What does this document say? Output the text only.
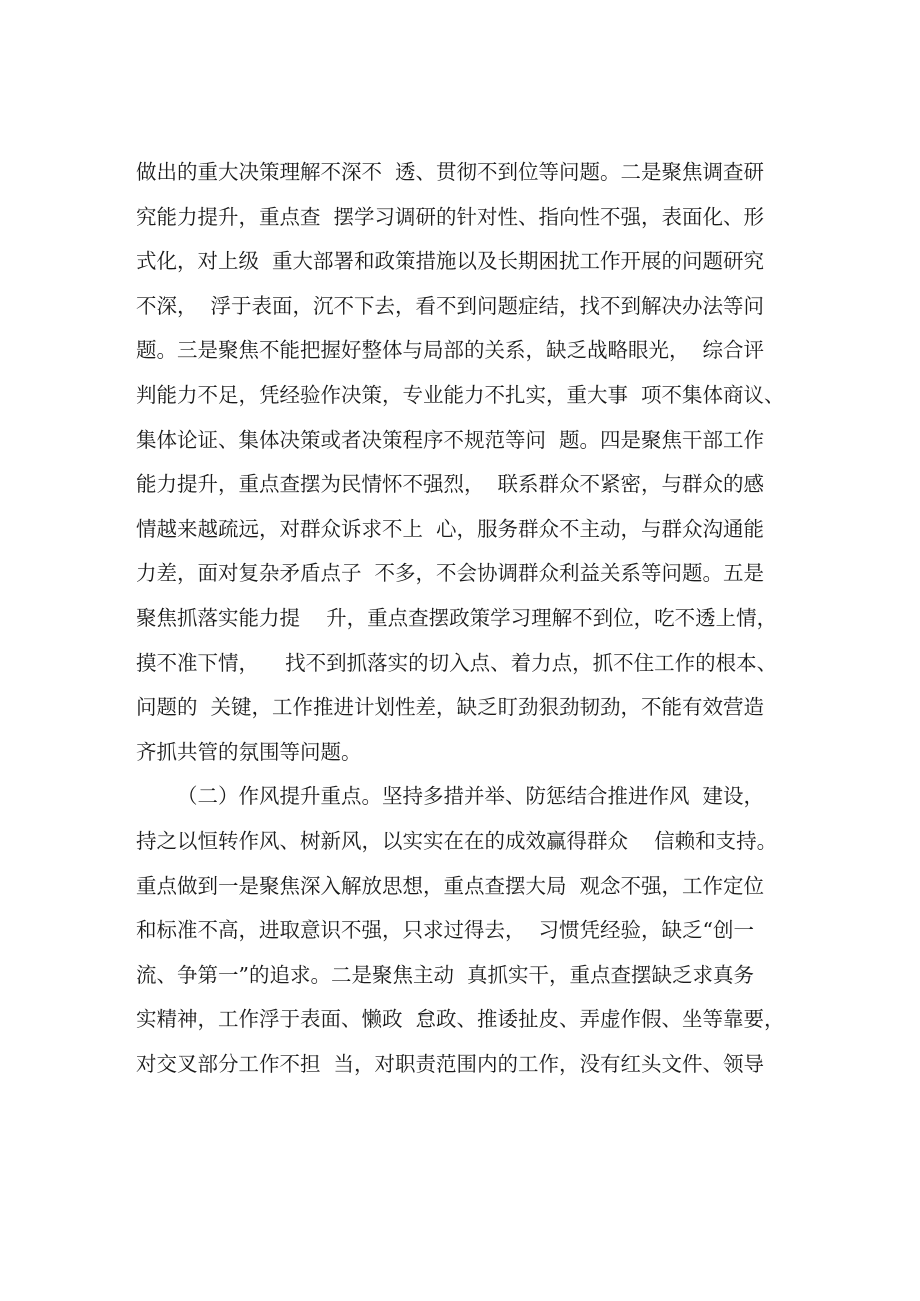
做出的重大决策理解不深不  透、贯彻不到位等问题。二是聚焦调查研
究能力提升，重点查  摆学习调研的针对性、指向性不强，表面化、形
式化，对上级  重大部署和政策措施以及长期困扰工作开展的问题研究
不深，  浮于表面，沉不下去，看不到问题症结，找不到解决办法等问
题。三是聚焦不能把握好整体与局部的关系，缺乏战略眼光，  综合评
判能力不足，凭经验作决策，专业能力不扎实，重大事  项不集体商议、
集体论证、集体决策或者决策程序不规范等问  题。四是聚焦干部工作
能力提升，重点查摆为民情怀不强烈，  联系群众不紧密，与群众的感
情越来越疏远，对群众诉求不上  心，服务群众不主动，与群众沟通能
力差，面对复杂矛盾点子  不多，不会协调群众利益关系等问题。五是
聚焦抓落实能力提    升，重点查摆政策学习理解不到位，吃不透上情，
摸不准下情，    找不到抓落实的切入点、着力点，抓不住工作的根本、
问题的  关键，工作推进计划性差，缺乏盯劲狠劲韧劲，不能有效营造
齐抓共管的氛围等问题。
（二）作风提升重点。坚持多措并举、防惩结合推进作风  建设，
持之以恒转作风、树新风，以实实在在的成效赢得群众    信赖和支持。
重点做到一是聚焦深入解放思想，重点查摆大局  观念不强，工作定位
和标准不高，进取意识不强，只求过得去，  习惯凭经验，缺乏“创一
流、争第一”的追求。二是聚焦主动  真抓实干，重点查摆缺乏求真务
实精神，工作浮于表面、懒政  怠政、推诿扯皮、弄虚作假、坐等靠要，
对交叉部分工作不担  当，对职责范围内的工作，没有红头文件、领导
